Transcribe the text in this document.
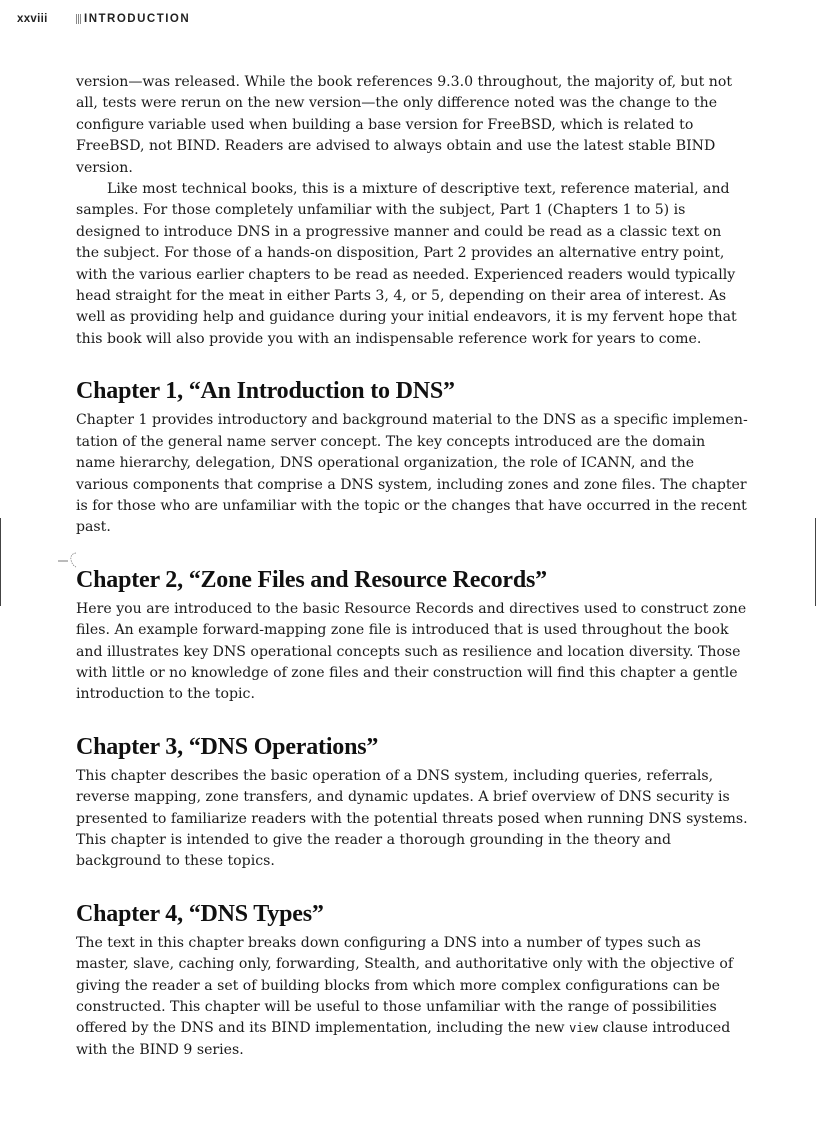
xxviii	INTRODUCTION

version—was released. While the book references 9.3.0 throughout, the majority of, but not all, tests were rerun on the new version—the only difference noted was the change to the configure variable used when building a base version for FreeBSD, which is related to FreeBSD, not BIND. Readers are advised to always obtain and use the latest stable BIND version.

Like most technical books, this is a mixture of descriptive text, reference material, and samples. For those completely unfamiliar with the subject, Part 1 (Chapters 1 to 5) is designed to introduce DNS in a progressive manner and could be read as a classic text on the subject. For those of a hands-on disposition, Part 2 provides an alternative entry point, with the various earlier chapters to be read as needed. Experienced readers would typically head straight for the meat in either Parts 3, 4, or 5, depending on their area of interest. As well as providing help and guidance during your initial endeavors, it is my fervent hope that this book will also provide you with an indispensable reference work for years to come.

Chapter 1, “An Introduction to DNS”

Chapter 1 provides introductory and background material to the DNS as a specific implementation of the general name server concept. The key concepts introduced are the domain name hierarchy, delegation, DNS operational organization, the role of ICANN, and the various components that comprise a DNS system, including zones and zone files. The chapter is for those who are unfamiliar with the topic or the changes that have occurred in the recent past.

Chapter 2, “Zone Files and Resource Records”

Here you are introduced to the basic Resource Records and directives used to construct zone files. An example forward-mapping zone file is introduced that is used throughout the book and illustrates key DNS operational concepts such as resilience and location diversity. Those with little or no knowledge of zone files and their construction will find this chapter a gentle introduction to the topic.

Chapter 3, “DNS Operations”

This chapter describes the basic operation of a DNS system, including queries, referrals, reverse mapping, zone transfers, and dynamic updates. A brief overview of DNS security is presented to familiarize readers with the potential threats posed when running DNS systems. This chapter is intended to give the reader a thorough grounding in the theory and background to these topics.

Chapter 4, “DNS Types”

The text in this chapter breaks down configuring a DNS into a number of types such as master, slave, caching only, forwarding, Stealth, and authoritative only with the objective of giving the reader a set of building blocks from which more complex configurations can be constructed. This chapter will be useful to those unfamiliar with the range of possibilities offered by the DNS and its BIND implementation, including the new view clause introduced with the BIND 9 series.
